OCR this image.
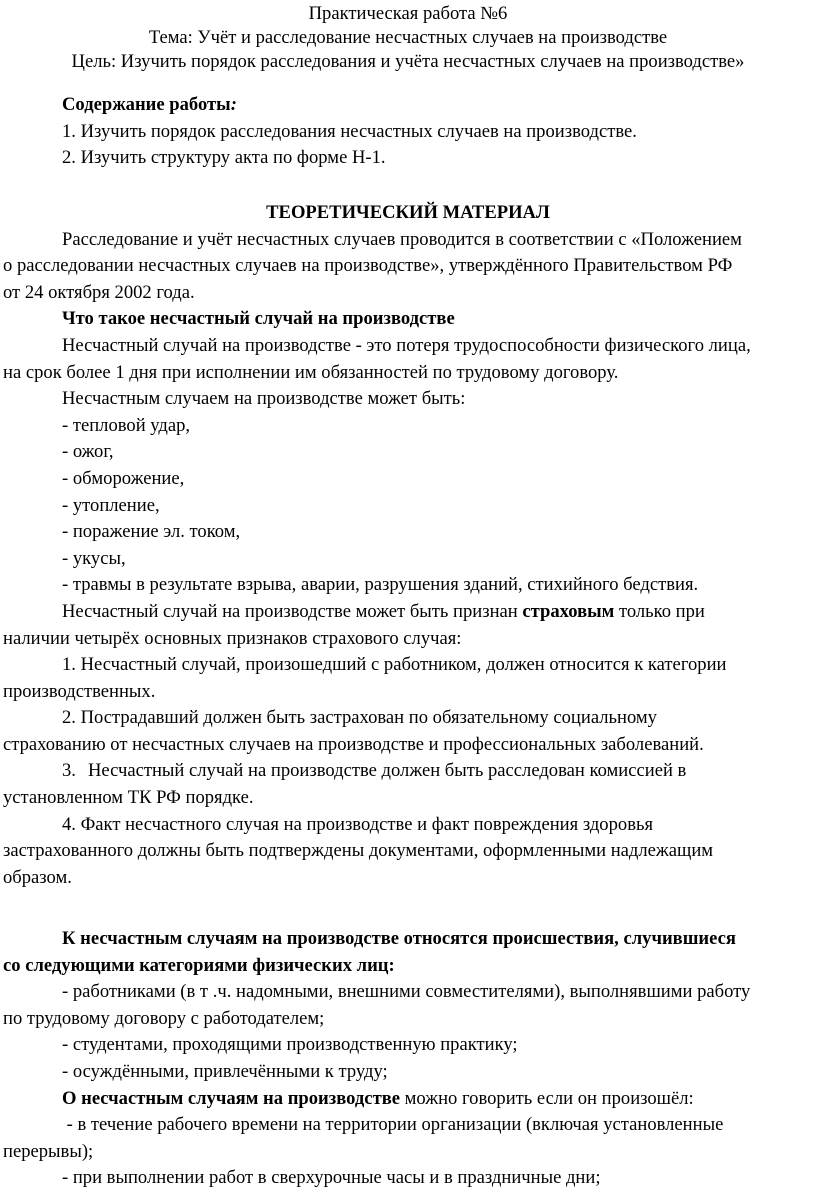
Практическая работа №6

Тема: Учёт и расследование несчастных случаев на производстве

Цель: Изучить порядок расследования и учёта несчастных случаев на производстве»

Содержание работы:

1. Изучить порядок расследования несчастных случаев на производстве.

2. Изучить структуру акта по форме Н-1.

ТЕОРЕТИЧЕСКИЙ МАТЕРИАЛ

Расследование и учёт несчастных случаев проводится в соответствии с «Положением
о расследовании несчастных случаев на производстве», утверждённого Правительством РФ
от 24 октября 2002 года.

Что такое несчастный случай на производстве

Несчастный случай на производстве - это потеря трудоспособности физического лица,
на срок более 1 дня при исполнении им обязанностей по трудовому договору.

Несчастным случаем на производстве может быть:

- тепловой удар,

- ожог,

- обморожение,

- утопление,

- поражение эл. током,

- укусы,

- травмы в результате взрыва, аварии, разрушения зданий, стихийного бедствия.

Несчастный случай на производстве может быть признан страховым только при
наличии четырёх основных признаков страхового случая:

1. Несчастный случай, произошедший с работником, должен относится к категории
производственных.

2. Пострадавший должен быть застрахован по обязательному социальному
страхованию от несчастных случаев на производстве и профессиональных заболеваний.

3. Несчастный случай на производстве должен быть расследован комиссией в
установленном ТК РФ порядке.

4. Факт несчастного случая на производстве и факт повреждения здоровья
застрахованного должны быть подтверждены документами, оформленными надлежащим
образом.

К несчастным случаям на производстве относятся происшествия, случившиеся
со следующими категориями физических лиц:

- работниками (в т .ч. надомными, внешними совместителями), выполнявшими работу
по трудовому договору с работодателем;

- студентами, проходящими производственную практику;

- осуждёнными, привлечёнными к труду;

О несчастным случаям на производстве можно говорить если он произошёл:

- в течение рабочего времени на территории организации (включая установленные
перерывы);

- при выполнении работ в сверхурочные часы и в праздничные дни;
